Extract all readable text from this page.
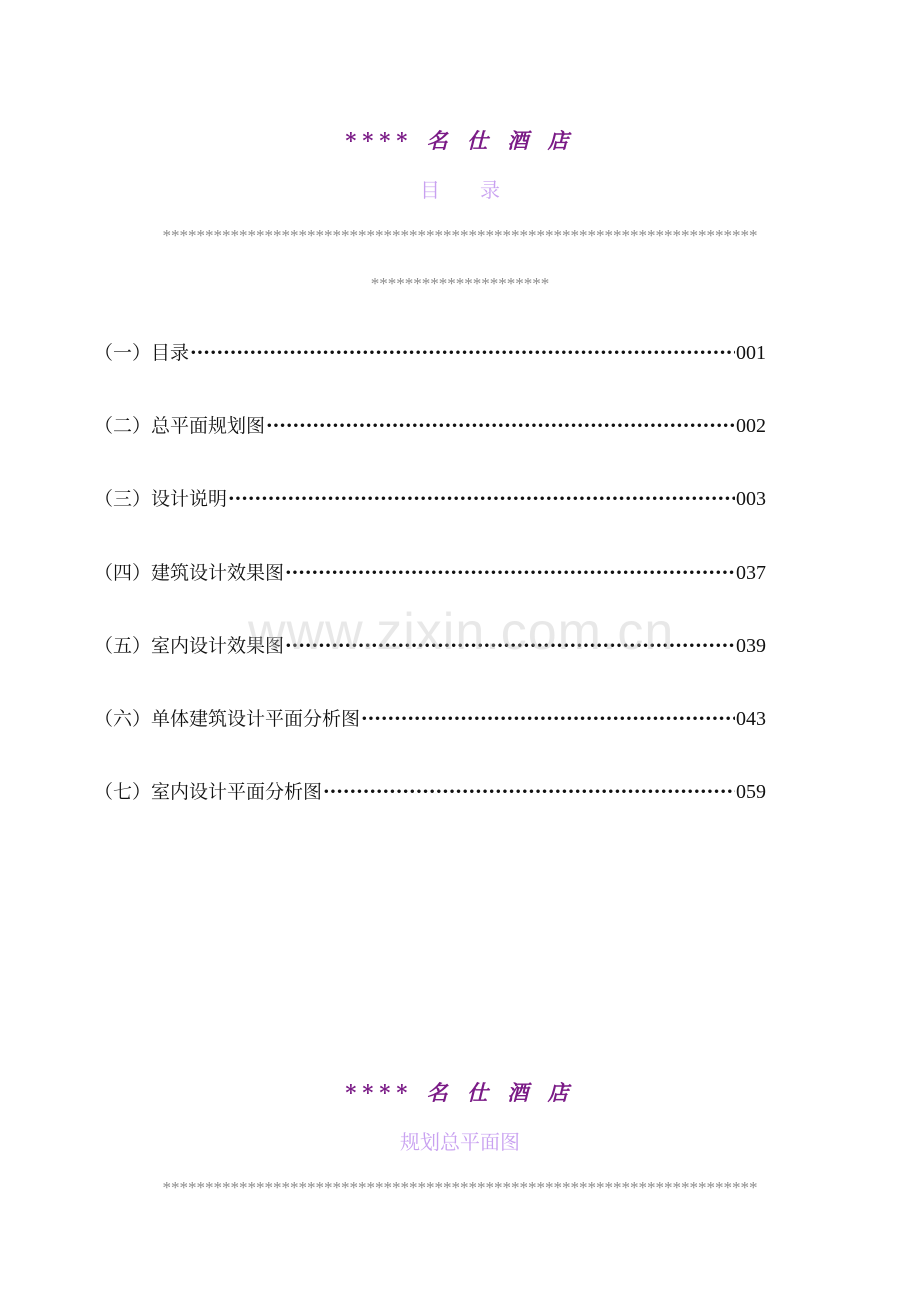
**** 名 仕 酒 店
目　　录
**********************************************************************
*********************
（一）目录 ·····	001
（二）总平面规划图 ·····	002
（三）设计说明 ·····	003
（四）建筑设计效果图 ·····	037
（五）室内设计效果图 ·····	039
（六）单体建筑设计平面分析图 ·····	043
（七）室内设计平面分析图 ·····	059
www.zixin.com.cn
**** 名 仕 酒 店
规划总平面图
**********************************************************************
